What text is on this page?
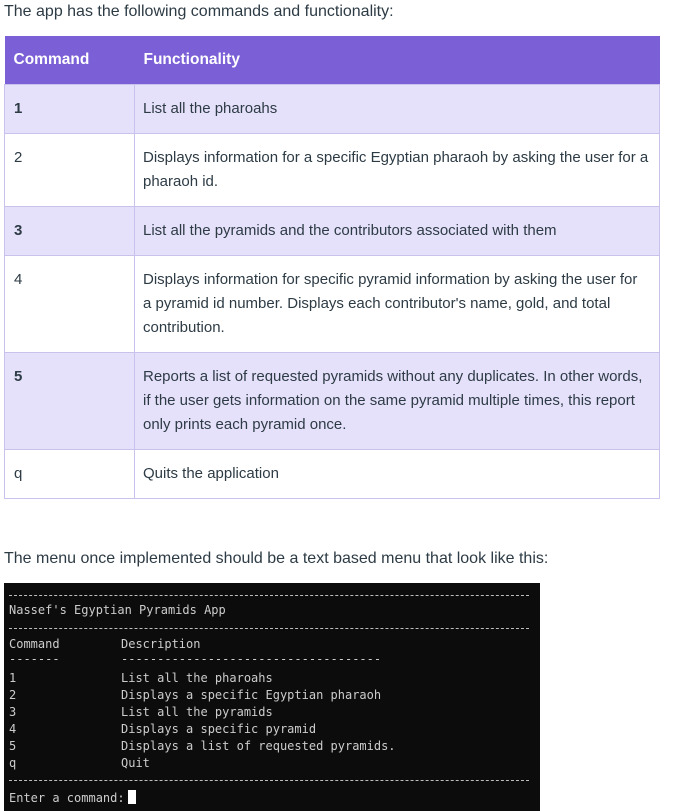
The app has the following commands and functionality:
Command	Functionality
1	List all the pharoahs
2	Displays information for a specific Egyptian pharaoh by asking the user for a pharaoh id.
3	List all the pyramids and the contributors associated with them
4	Displays information for specific pyramid information by asking the user for a pyramid id number. Displays each contributor's name, gold, and total contribution.
5	Reports a list of requested pyramids without any duplicates. In other words, if the user gets information on the same pyramid multiple times, this report only prints each pyramid once.
q	Quits the application
The menu once implemented should be a text based menu that look like this:
Nassef's Egyptian Pyramids App
Command	Description
-------	------------------------------------
1	List all the pharoahs
2	Displays a specific Egyptian pharaoh
3	List all the pyramids
4	Displays a specific pyramid
5	Displays a list of requested pyramids.
q	Quit
Enter a command:
